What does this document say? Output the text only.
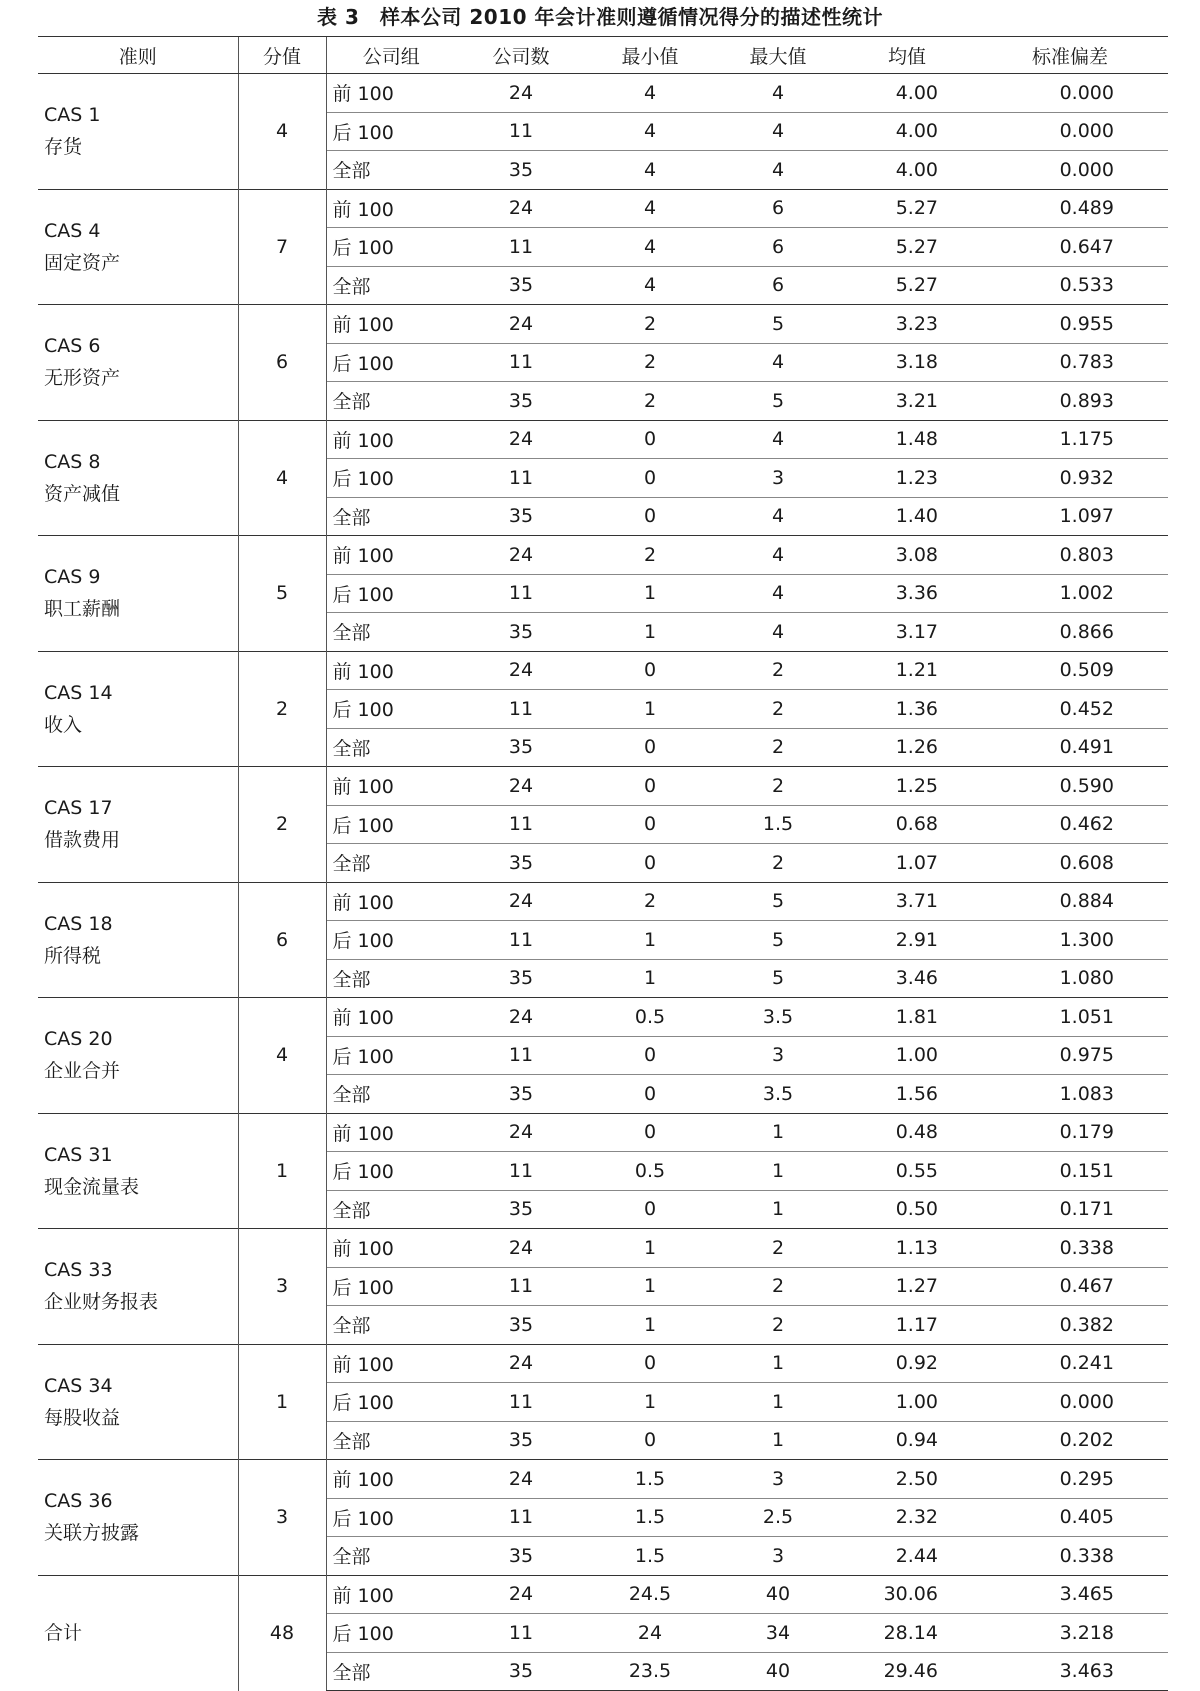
表 3　样本公司 2010 年会计准则遵循情况得分的描述性统计
准则	分值	公司组	公司数	最小值	最大值	均值	标准偏差

CAS 1
存货	4	前 100	24	4	4	4.00	0.000
		后 100	11	4	4	4.00	0.000
		全部	35	4	4	4.00	0.000

CAS 4
固定资产	7	前 100	24	4	6	5.27	0.489
		后 100	11	4	6	5.27	0.647
		全部	35	4	6	5.27	0.533

CAS 6
无形资产	6	前 100	24	2	5	3.23	0.955
		后 100	11	2	4	3.18	0.783
		全部	35	2	5	3.21	0.893

CAS 8
资产减值	4	前 100	24	0	4	1.48	1.175
		后 100	11	0	3	1.23	0.932
		全部	35	0	4	1.40	1.097

CAS 9
职工薪酬	5	前 100	24	2	4	3.08	0.803
		后 100	11	1	4	3.36	1.002
		全部	35	1	4	3.17	0.866

CAS 14
收入	2	前 100	24	0	2	1.21	0.509
		后 100	11	1	2	1.36	0.452
		全部	35	0	2	1.26	0.491

CAS 17
借款费用	2	前 100	24	0	2	1.25	0.590
		后 100	11	0	1.5	0.68	0.462
		全部	35	0	2	1.07	0.608

CAS 18
所得税	6	前 100	24	2	5	3.71	0.884
		后 100	11	1	5	2.91	1.300
		全部	35	1	5	3.46	1.080

CAS 20
企业合并	4	前 100	24	0.5	3.5	1.81	1.051
		后 100	11	0	3	1.00	0.975
		全部	35	0	3.5	1.56	1.083

CAS 31
现金流量表	1	前 100	24	0	1	0.48	0.179
		后 100	11	0.5	1	0.55	0.151
		全部	35	0	1	0.50	0.171

CAS 33
企业财务报表	3	前 100	24	1	2	1.13	0.338
		后 100	11	1	2	1.27	0.467
		全部	35	1	2	1.17	0.382

CAS 34
每股收益	1	前 100	24	0	1	0.92	0.241
		后 100	11	1	1	1.00	0.000
		全部	35	0	1	0.94	0.202

CAS 36
关联方披露	3	前 100	24	1.5	3	2.50	0.295
		后 100	11	1.5	2.5	2.32	0.405
		全部	35	1.5	3	2.44	0.338

合计	48	前 100	24	24.5	40	30.06	3.465
		后 100	11	24	34	28.14	3.218
		全部	35	23.5	40	29.46	3.463
